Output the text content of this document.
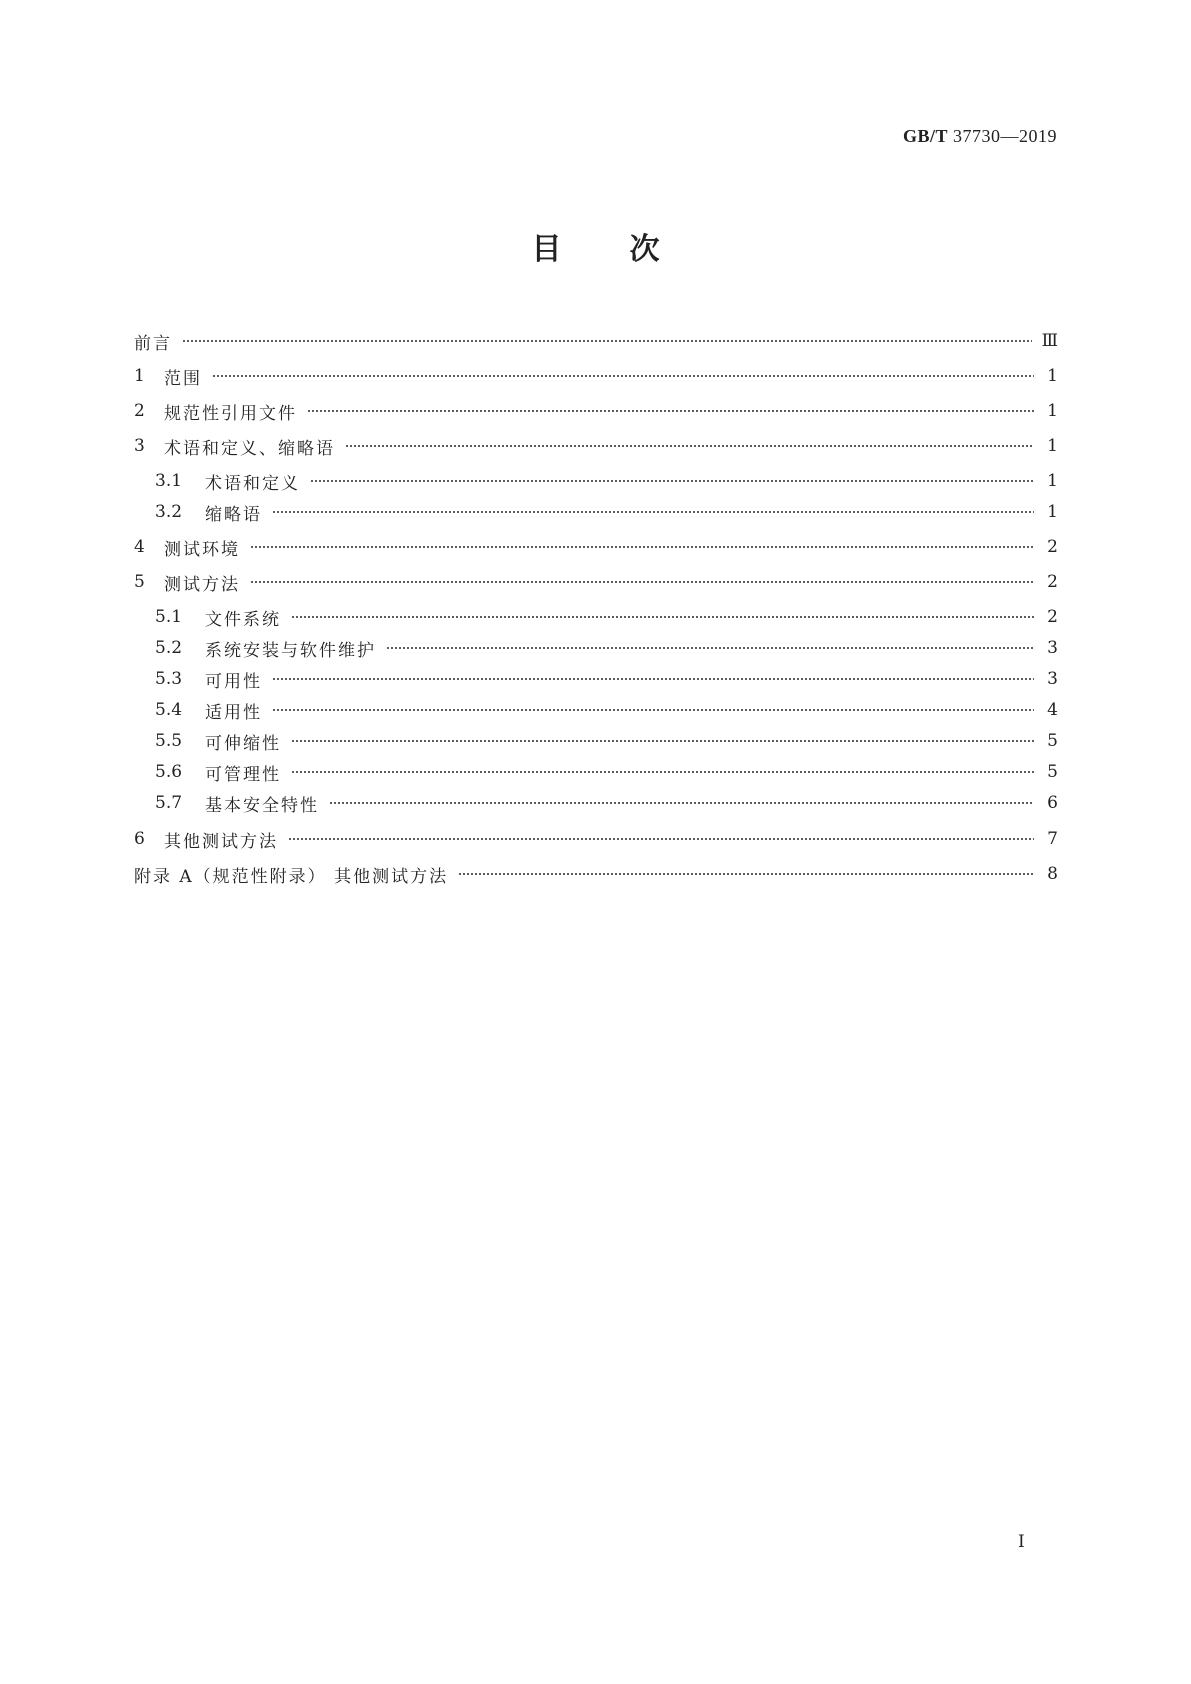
GB/T 37730—2019
目次
前言	Ⅲ
1	范围	1
2	规范性引用文件	1
3	术语和定义、缩略语	1
3.1	术语和定义	1
3.2	缩略语	1
4	测试环境	2
5	测试方法	2
5.1	文件系统	2
5.2	系统安装与软件维护	3
5.3	可用性	3
5.4	适用性	4
5.5	可伸缩性	5
5.6	可管理性	5
5.7	基本安全特性	6
6	其他测试方法	7
附录 A（规范性附录） 其他测试方法	8
I
